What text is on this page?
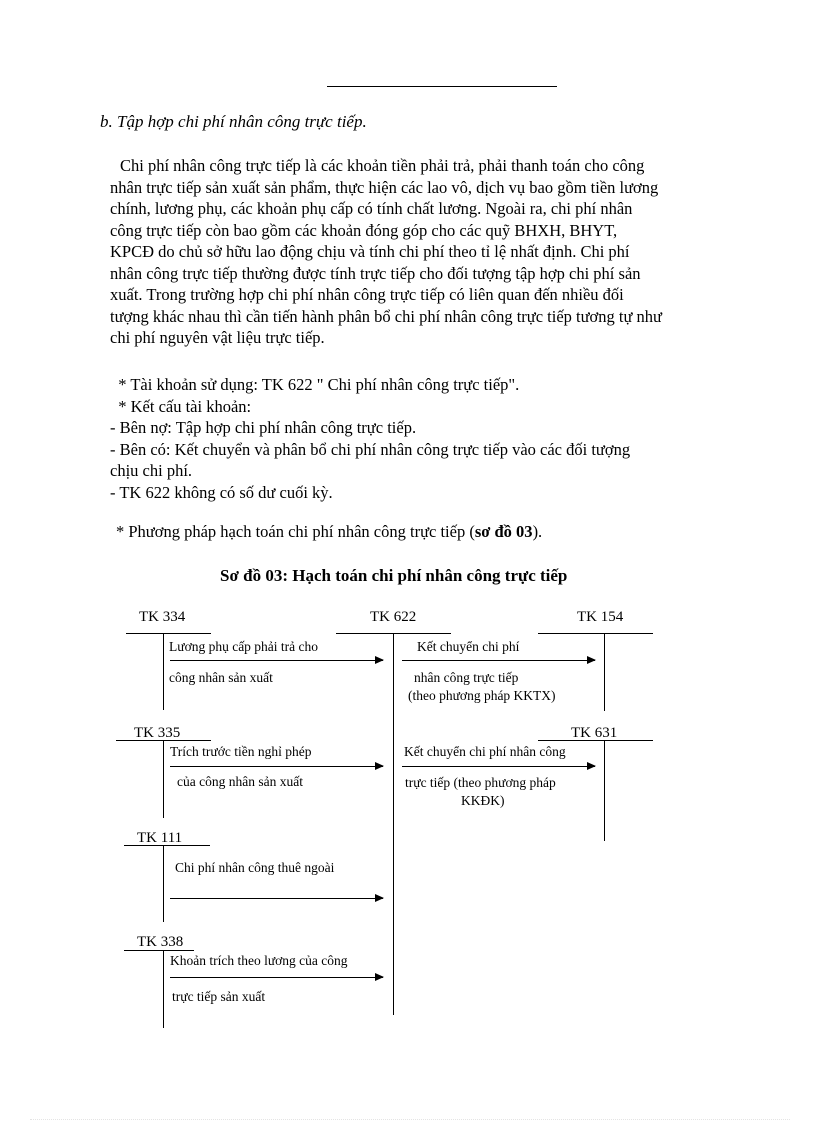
b. Tập hợp chi phí nhân công trực tiếp.
Chi phí nhân công trực tiếp là các khoản tiền phải trả, phải thanh toán cho công
nhân trực tiếp sản xuất sản phẩm, thực hiện các lao vô, dịch vụ bao gồm tiền lương
chính, lương phụ, các khoản phụ cấp có tính chất lương. Ngoài ra, chi phí nhân
công trực tiếp còn bao gồm các khoản đóng góp cho các quỹ BHXH, BHYT,
KPCĐ do chủ sở hữu lao động chịu và tính chi phí theo tỉ lệ nhất định. Chi phí
nhân công trực tiếp thường được tính trực tiếp cho đối tượng tập hợp chi phí sản
xuất. Trong trường hợp chi phí nhân công trực tiếp có liên quan đến nhiều đối
tượng khác nhau thì cần tiến hành phân bổ chi phí nhân công trực tiếp tương tự như
chi phí nguyên vật liệu trực tiếp.
* Tài khoản sử dụng: TK 622 " Chi phí nhân công trực tiếp".
* Kết cấu tài khoản:
- Bên nợ: Tập hợp chi phí nhân công trực tiếp.
- Bên có: Kết chuyển và phân bổ chi phí nhân công trực tiếp vào các đối tượng
chịu chi phí.
- TK 622 không có số dư cuối kỳ.
* Phương pháp hạch toán chi phí nhân công trực tiếp (sơ đồ 03).
Sơ đồ 03: Hạch toán chi phí nhân công trực tiếp
TK 334	TK 622	TK 154
TK 335	TK 631
TK 111
TK 338
Lương phụ cấp phải trả cho
công nhân sản xuất
Kết chuyển chi phí
nhân công trực tiếp
(theo phương pháp KKTX)
Trích trước tiền nghỉ phép
của công nhân sản xuất
Kết chuyển chi phí nhân công
trực tiếp (theo phương pháp
KKĐK)
Chi phí nhân công thuê ngoài
Khoản trích theo lương của công
trực tiếp sản xuất
